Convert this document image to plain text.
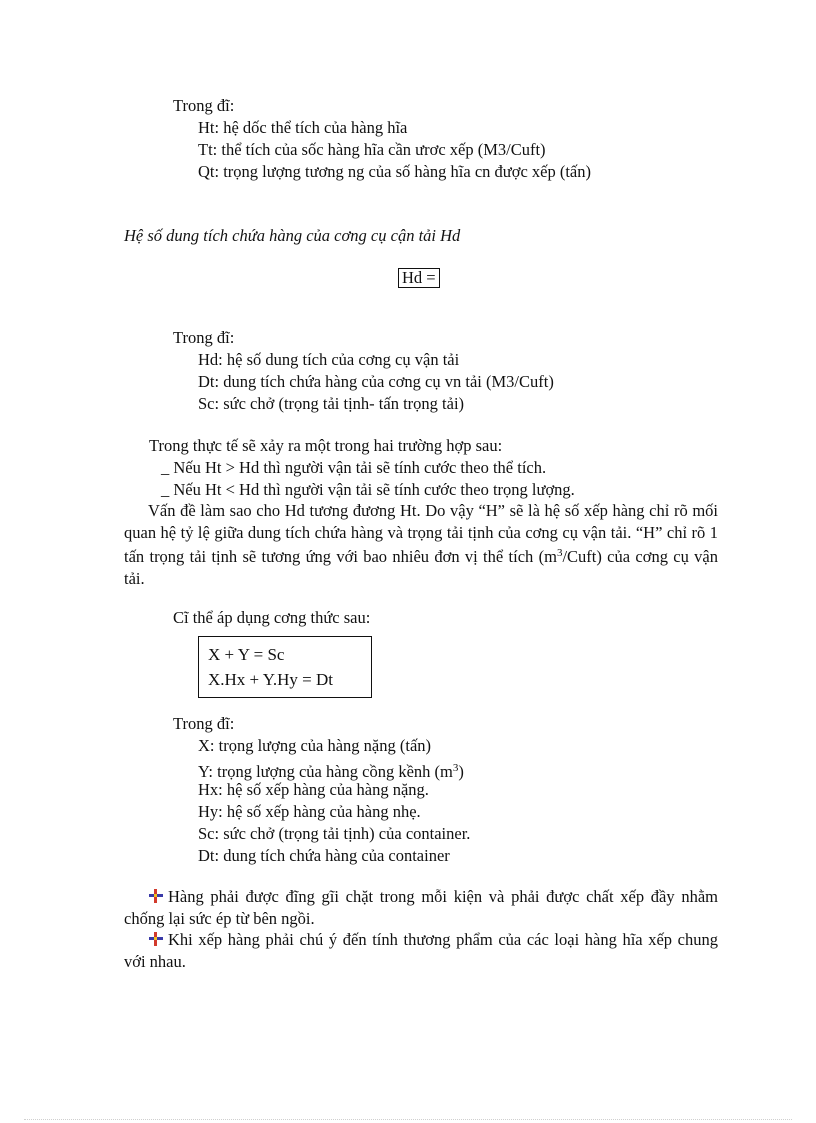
Trong đĩ:
Ht: hệ dốc thể tích của hàng hĩa
Tt: thể tích của sốc hàng hĩa cần ưrơc xếp (M3/Cuft)
Qt: trọng lượng tương ng của số hàng hĩa cn được xếp (tấn)
Hệ số dung tích chứa hàng của cơng cụ cận tải Hd
Hd =
Trong đĩ:
Hd: hệ số dung tích của cơng cụ vận tải
Dt: dung tích chứa hàng của cơng cụ vn tải (M3/Cuft)
Sc: sức chở (trọng tải tịnh- tấn trọng tải)
Trong thực tế sẽ xảy ra một trong hai trường hợp sau:
_ Nếu Ht > Hd thì người vận tải sẽ tính cước theo thể tích.
_ Nếu Ht < Hd thì người vận tải sẽ tính cước theo trọng lượng.
Vấn đề làm sao cho Hd tương đương Ht. Do vậy “H” sẽ là hệ số xếp hàng chỉ rõ mối quan hệ tỷ lệ giữa dung tích chứa hàng và trọng tải tịnh của cơng cụ vận tải. “H” chỉ rõ 1 tấn trọng tải tịnh sẽ tương ứng với bao nhiêu đơn vị thể tích $(m^3/Cuft)$ của cơng cụ vận tải.
Cĩ thể áp dụng cơng thức sau:
X + Y = Sc
X.Hx + Y.Hy = Dt
Trong đĩ:
X: trọng lượng của hàng nặng (tấn)
Y: trọng lượng của hàng cồng kềnh $(m^3)$
Hx: hệ số xếp hàng của hàng nặng.
Hy: hệ số xếp hàng của hàng nhẹ.
Sc: sức chở (trọng tải tịnh) của container.
Dt: dung tích chứa hàng của container
Hàng phải được đĩng gĩi chặt trong mỗi kiện và phải được chất xếp đầy nhằm chống lại sức ép từ bên ngồi.
Khi xếp hàng phải chú ý đến tính thương phẩm của các loại hàng hĩa xếp chung với nhau.
